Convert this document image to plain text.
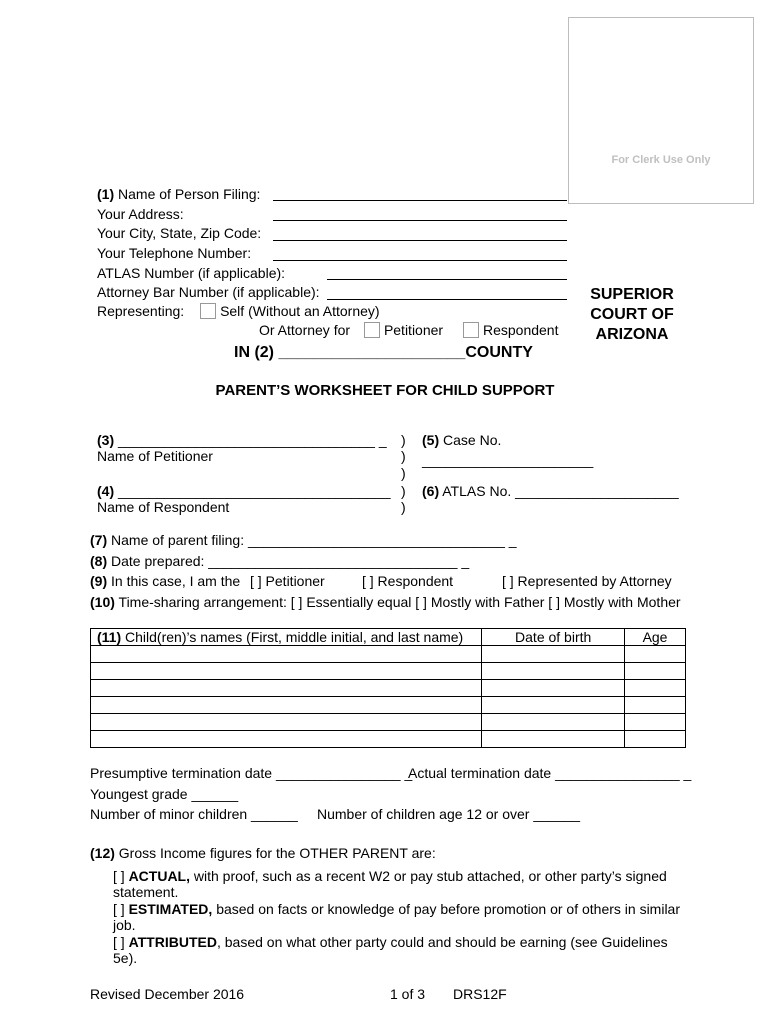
For Clerk Use Only
SUPERIOR
COURT OF
ARIZONA
(1) Name of Person Filing:
Your Address:
Your City, State, Zip Code:
Your Telephone Number:
ATLAS Number (if applicable):
Attorney Bar Number (if applicable):
Representing:	Self (Without an Attorney)
Or Attorney for Petitioner	Respondent
IN (2) _____________________COUNTY
PARENT’S WORKSHEET FOR CHILD SUPPORT
(3) _________________________________ _
Name of Petitioner
(4) ___________________________________
Name of Respondent
)
)
)
)
)
(5) Case No.
______________________
(6) ATLAS No. _____________________
(7) Name of parent filing: _________________________________ _
(8) Date prepared: ________________________________ _
(9) In this case, I am the [ ] Petitioner	[ ] Respondent	[ ] Represented by Attorney
(10) Time-sharing arrangement: [ ] Essentially equal [ ] Mostly with Father [ ] Mostly with Mother
(11) Child(ren)’s names (First, middle initial, and last name)	Date of birth	Age

Presumptive termination date ________________ _
Actual termination date ________________ _
Youngest grade ______
Number of minor children ______ Number of children age 12 or over ______
(12) Gross Income figures for the OTHER PARENT are:
[ ] ACTUAL, with proof, such as a recent W2 or pay stub attached, or other party’s signed statement.
[ ] ESTIMATED, based on facts or knowledge of pay before promotion or of others in similar job.
[ ] ATTRIBUTED, based on what other party could and should be earning (see Guidelines 5e).
Revised December 2016	1 of 3 DRS12F
